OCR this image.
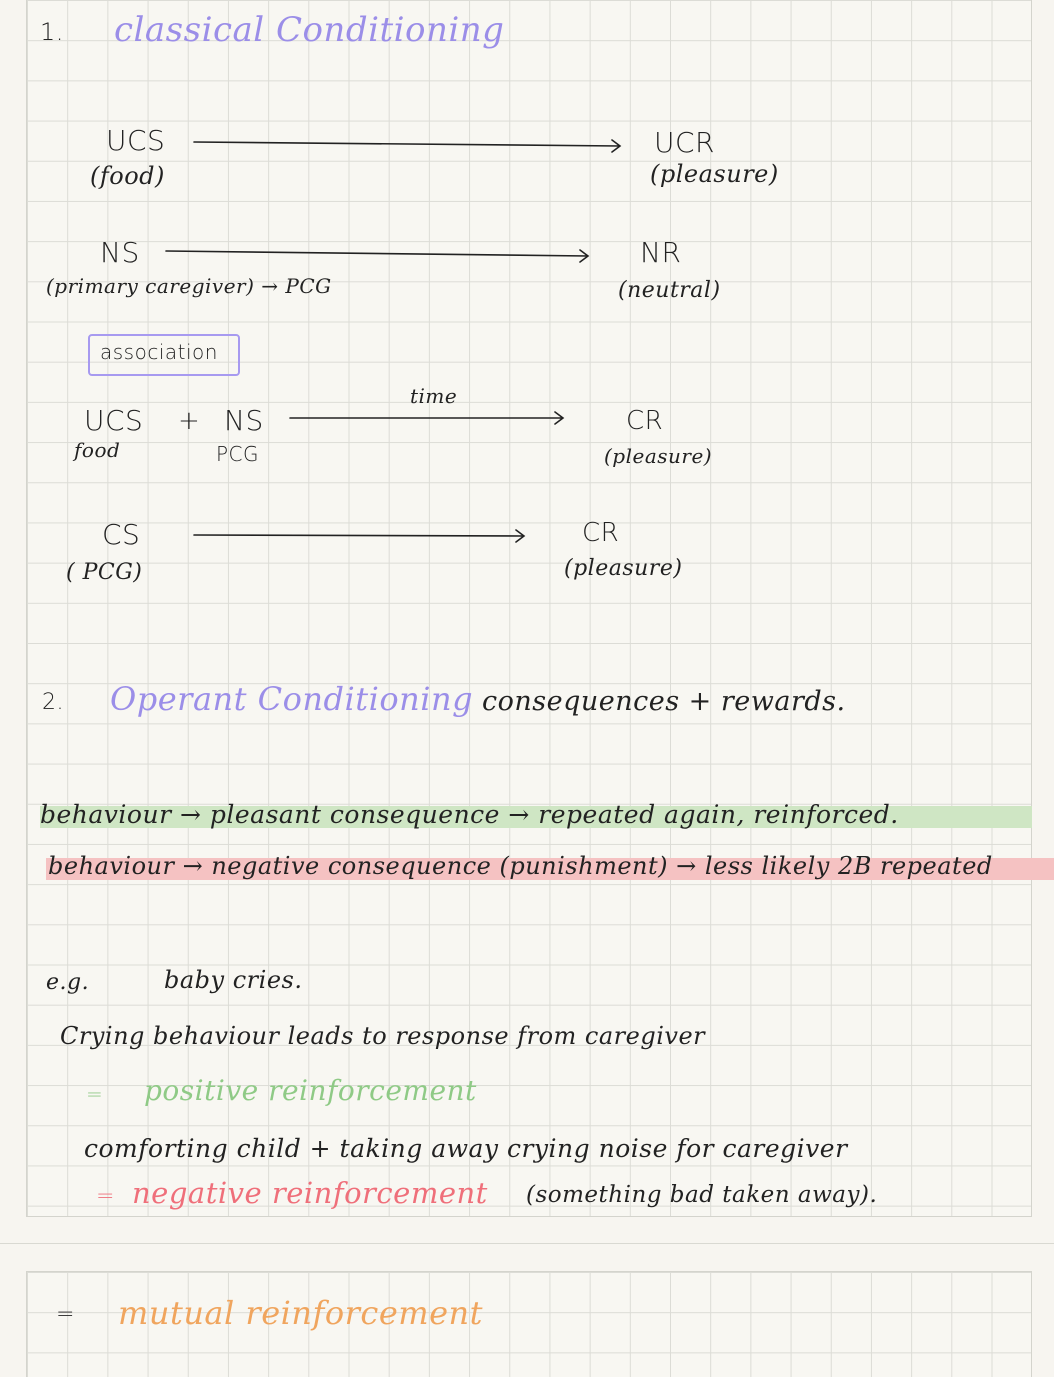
1. classical Conditioning
UCS
(food)
UCR
(pleasure)
NS
(primary caregiver) → PCG
NR
(neutral)
association
UCS + NS
food	PCG
time
CR
(pleasure)
CS
( PCG)
CR
(pleasure)
2. Operant Conditioning consequences + rewards.
behaviour → pleasant consequence → repeated again, reinforced.
behaviour → negative consequence (punishment) → less likely 2B repeated
e.g.	baby cries.
Crying behaviour leads to response from caregiver
= positive reinforcement
comforting child + taking away crying noise for caregiver
= negative reinforcement (something bad taken away).
= mutual reinforcement
